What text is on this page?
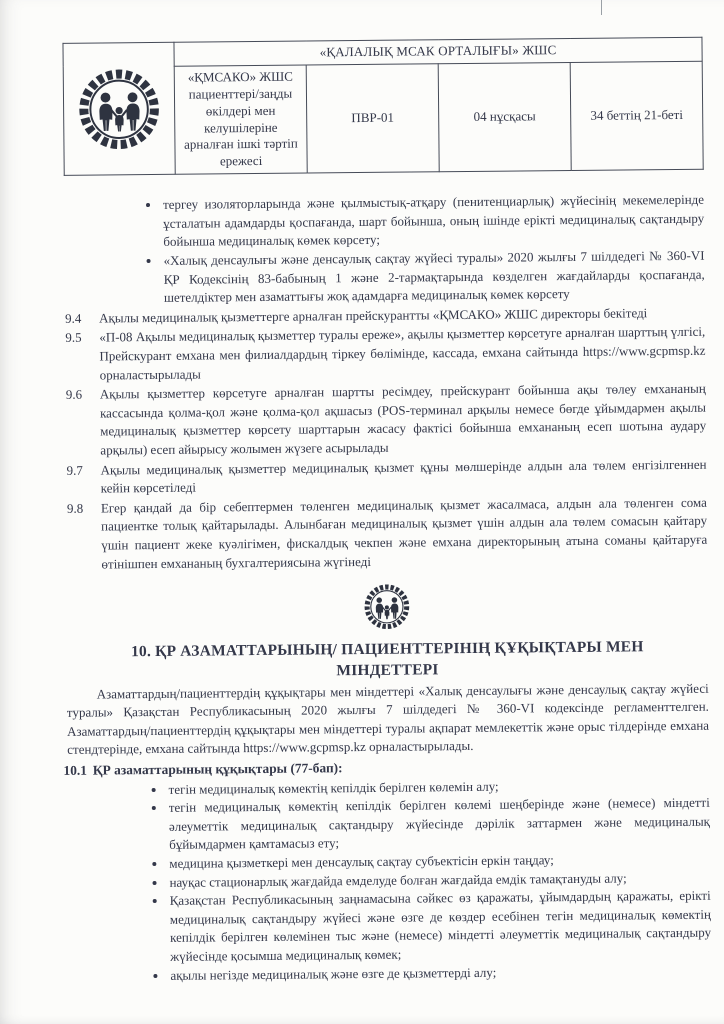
	«ҚАЛАЛЫҚ МСАК ОРТАЛЫҒЫ» ЖШС			
	«ҚМСАКО» ЖШС пациенттері/заңды өкілдері мен келушілеріне арналған ішкі тәртіп ережесі	ПВР-01	04 нұсқасы	34 беттің 21-беті
• тергеу изоляторларында және қылмыстық-атқару (пенитенциарлық) жүйесінің мекемелерінде ұсталатын адамдарды қоспағанда, шарт бойынша, оның ішінде ерікті медициналық сақтандыру бойынша медициналық көмек көрсету;
• «Халық денсаулығы және денсаулық сақтау жүйесі туралы» 2020 жылғы 7 шілдедегі № 360-VI ҚР Кодексінің 83-бабының 1 және 2-тармақтарында көзделген жағдайларды қоспағанда, шетелдіктер мен азаматтығы жоқ адамдарға медициналық көмек көрсету
9.4	Ақылы медициналық қызметтерге арналған прейскурантты «ҚМСАКО» ЖШС директоры бекітеді
9.5	«П-08 Ақылы медициналық қызметтер туралы ереже», ақылы қызметтер көрсетуге арналған шарттың үлгісі, Прейскурант емхана мен филиалдардың тіркеу бөлімінде, кассада, емхана сайтында https://www.gcpmsp.kz орналастырылады
9.6	Ақылы қызметтер көрсетуге арналған шартты ресімдеу, прейскурант бойынша ақы төлеу емхананың кассасында қолма-қол және қолма-қол ақшасыз (POS-терминал арқылы немесе бөгде ұйымдармен ақылы медициналық қызметтер көрсету шарттарын жасасу фактісі бойынша емхананың есеп шотына аудару арқылы) есеп айырысу жолымен жүзеге асырылады
9.7	Ақылы медициналық қызметтер медициналық қызмет құны мөлшерінде алдын ала төлем енгізілгеннен кейін көрсетіледі
9.8	Егер қандай да бір себептермен төленген медициналық қызмет жасалмаса, алдын ала төленген сома пациентке толық қайтарылады. Алынбаған медициналық қызмет үшін алдын ала төлем сомасын қайтару үшін пациент жеке куәлігімен, фискалдық чекпен және емхана директорының атына соманы қайтаруға өтінішпен емхананың бухгалтериясына жүгінеді
10. ҚР АЗАМАТТАРЫНЫҢ/ ПАЦИЕНТТЕРІНІҢ ҚҰҚЫҚТАРЫ МЕН МІНДЕТТЕРІ

Азаматтардың/пациенттердің құқықтары мен міндеттері «Халық денсаулығы және денсаулық сақтау жүйесі туралы» Қазақстан Республикасының 2020 жылғы 7 шілдедегі № 360-VI кодексінде регламенттелген. Азаматтардың/пациенттердің құқықтары мен міндеттері туралы ақпарат мемлекеттік және орыс тілдерінде емхана стендтерінде, емхана сайтында https://www.gcpmsp.kz орналастырылады.

10.1 ҚР азаматтарының құқықтары (77-бап):
• тегін медициналық көмектің кепілдік берілген көлемін алу;
• тегін медициналық көмектің кепілдік берілген көлемі шеңберінде және (немесе) міндетті әлеуметтік медициналық сақтандыру жүйесінде дәрілік заттармен және медициналық бұйымдармен қамтамасыз ету;
• медицина қызметкері мен денсаулық сақтау субъектісін еркін таңдау;
• науқас стационарлық жағдайда емделуде болған жағдайда емдік тамақтануды алу;
• Қазақстан Республикасының заңнамасына сәйкес өз қаражаты, ұйымдардың қаражаты, ерікті медициналық сақтандыру жүйесі және өзге де көздер есебінен тегін медициналық көмектің кепілдік берілген көлемінен тыс және (немесе) міндетті әлеуметтік медициналық сақтандыру жүйесінде қосымша медициналық көмек;
• ақылы негізде медициналық және өзге де қызметтерді алу;
